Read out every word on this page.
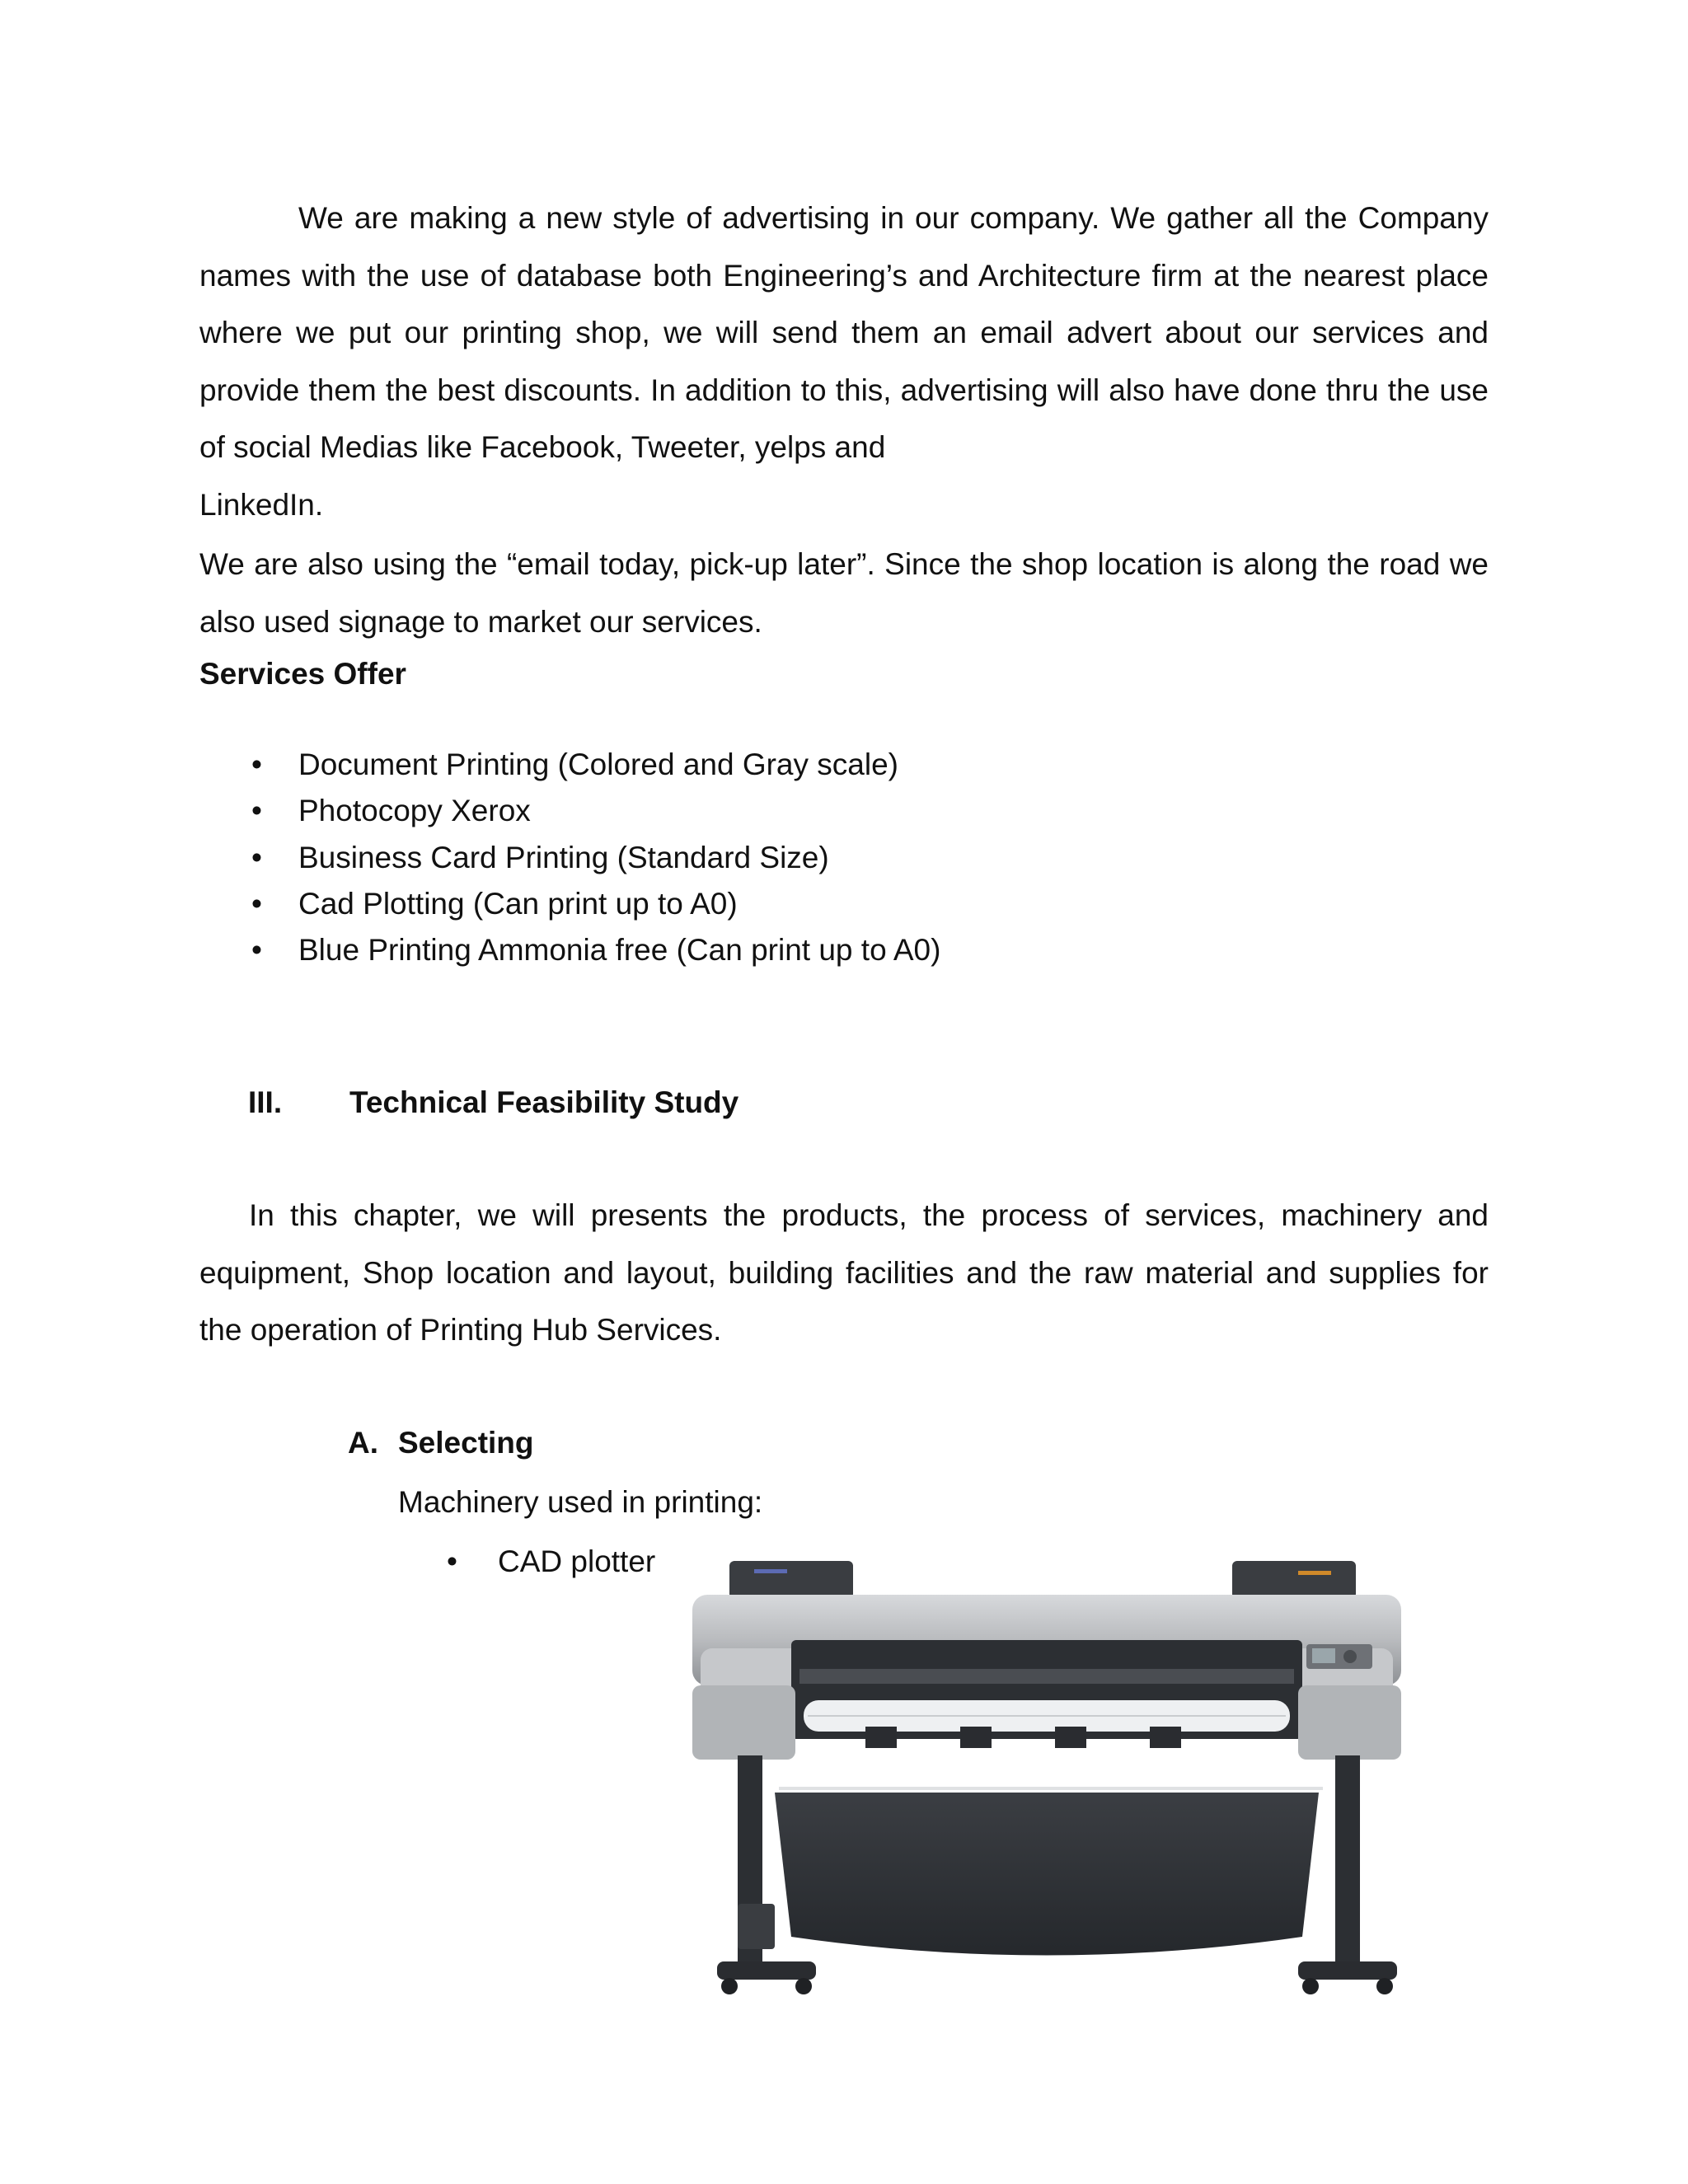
We are making a new style of advertising in our company. We gather all the Company names with the use of database both Engineering’s and Architecture firm at the nearest place where we put our printing shop, we will send them an email advert about our services and provide them the best discounts. In addition to this, advertising will also have done thru the use of social Medias like Facebook, Tweeter, yelps and
LinkedIn.

We are also using the “email today, pick-up later”. Since the shop location is along the road we also used signage to market our services.

Services Offer

• Document Printing (Colored and Gray scale)
• Photocopy Xerox
• Business Card Printing (Standard Size)
• Cad Plotting (Can print up to A0)
• Blue Printing Ammonia free (Can print up to A0)
III. Technical Feasibility Study

In this chapter, we will presents the products, the process of services, machinery and equipment, Shop location and layout, building facilities and the raw material and supplies for the operation of Printing Hub Services.

A. Selecting
Machinery used in printing:
• CAD plotter
